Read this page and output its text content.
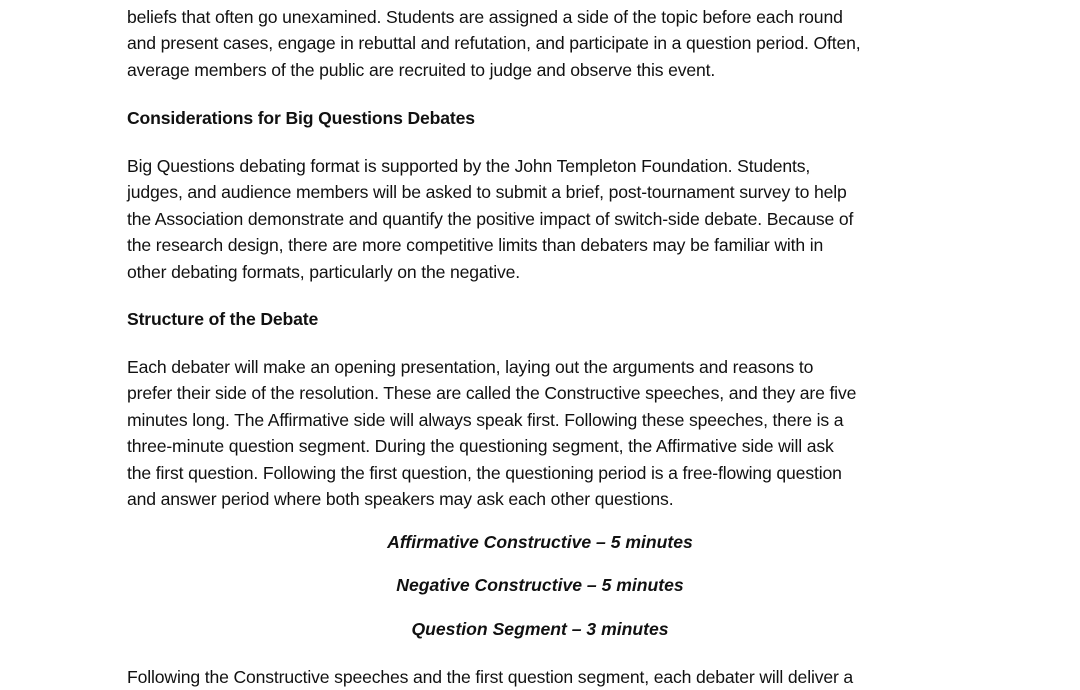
beliefs that often go unexamined. Students are assigned a side of the topic before each round
and present cases, engage in rebuttal and refutation, and participate in a question period. Often,
average members of the public are recruited to judge and observe this event.
Considerations for Big Questions Debates
Big Questions debating format is supported by the John Templeton Foundation. Students,
judges, and audience members will be asked to submit a brief, post-tournament survey to help
the Association demonstrate and quantify the positive impact of switch-side debate. Because of
the research design, there are more competitive limits than debaters may be familiar with in
other debating formats, particularly on the negative.
Structure of the Debate
Each debater will make an opening presentation, laying out the arguments and reasons to
prefer their side of the resolution. These are called the Constructive speeches, and they are five
minutes long. The Affirmative side will always speak first. Following these speeches, there is a
three-minute question segment. During the questioning segment, the Affirmative side will ask
the first question. Following the first question, the questioning period is a free-flowing question
and answer period where both speakers may ask each other questions.
Affirmative Constructive – 5 minutes
Negative Constructive – 5 minutes
Question Segment – 3 minutes
Following the Constructive speeches and the first question segment, each debater will deliver a
